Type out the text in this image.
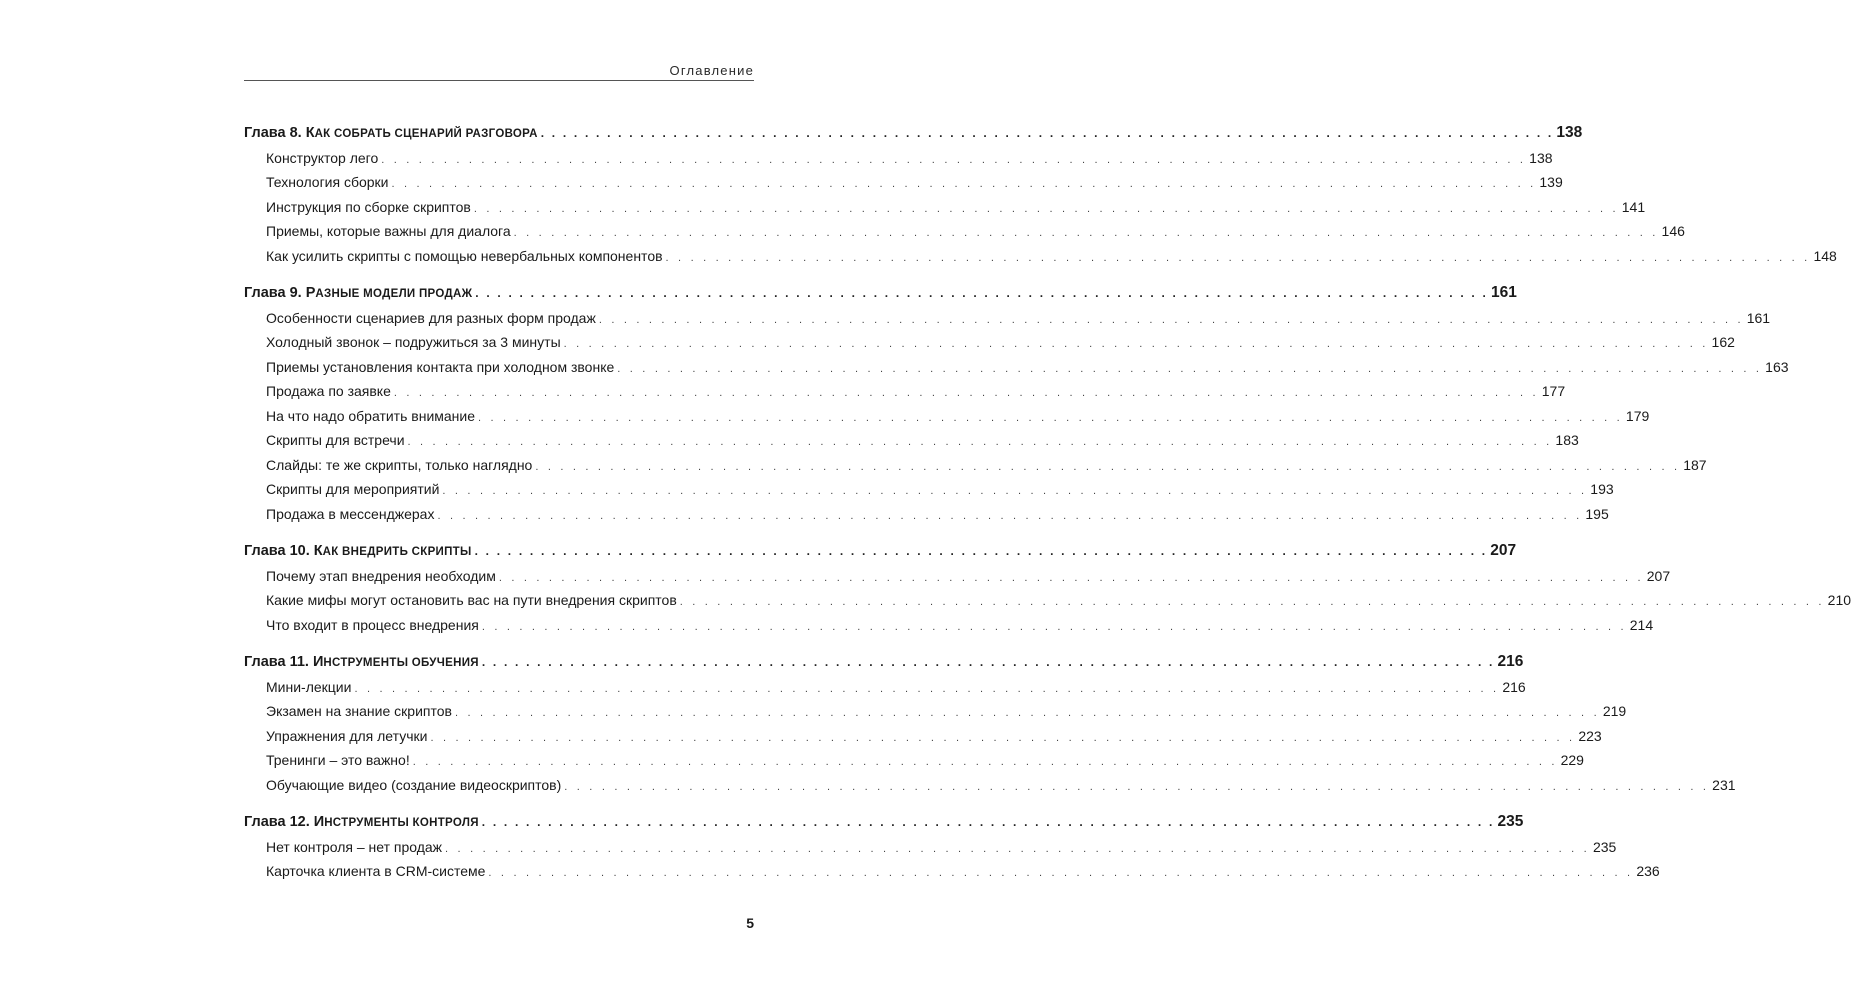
Оглавление
Глава 8. КАК СОБРАТЬ СЦЕНАРИЙ РАЗГОВОРА . . . . . . . . . . . . . . . . . . . . . . . . . . . . . . . . . . . . . . . . . . . . . . . . . . . . . . . . . . . . . . . . . . . . . . . . . . . . . . . . . . . . . . . . . . . . 138
Конструктор лего . . . . . . . . . . . . . . . . . . . . . . . . . . . . . . . . . . . . . . . . . . . . . . . . . . . . . . . . . . . . . . . . . . . . . . . . . . . . . . . . . . . . . . . . . . . . 138
Технология сборки . . . . . . . . . . . . . . . . . . . . . . . . . . . . . . . . . . . . . . . . . . . . . . . . . . . . . . . . . . . . . . . . . . . . . . . . . . . . . . . . . . . . . . . . . . . . 139
Инструкция по сборке скриптов . . . . . . . . . . . . . . . . . . . . . . . . . . . . . . . . . . . . . . . . . . . . . . . . . . . . . . . . . . . . . . . . . . . . . . . . . . . . . . . . . . . . . . . . . . . . 141
Приемы, которые важны для диалога . . . . . . . . . . . . . . . . . . . . . . . . . . . . . . . . . . . . . . . . . . . . . . . . . . . . . . . . . . . . . . . . . . . . . . . . . . . . . . . . . . . . . . . . . . . . 146
Как усилить скрипты с помощью невербальных компонентов . . . . . . . . . . . . . . . . . . . . . . . . . . . . . . . . . . . . . . . . . . . . . . . . . . . . . . . . . . . . . . . . . . . . . . . . . . . . . . . . . . . . . . . . . . . . 148
Глава 9. РАЗНЫЕ МОДЕЛИ ПРОДАЖ . . . . . . . . . . . . . . . . . . . . . . . . . . . . . . . . . . . . . . . . . . . . . . . . . . . . . . . . . . . . . . . . . . . . . . . . . . . . . . . . . . . . . . . . . . . . 161
Особенности сценариев для разных форм продаж . . . . . . . . . . . . . . . . . . . . . . . . . . . . . . . . . . . . . . . . . . . . . . . . . . . . . . . . . . . . . . . . . . . . . . . . . . . . . . . . . . . . . . . . . . . . 161
Холодный звонок – подружиться за 3 минуты . . . . . . . . . . . . . . . . . . . . . . . . . . . . . . . . . . . . . . . . . . . . . . . . . . . . . . . . . . . . . . . . . . . . . . . . . . . . . . . . . . . . . . . . . . . . 162
Приемы установления контакта при холодном звонке . . . . . . . . . . . . . . . . . . . . . . . . . . . . . . . . . . . . . . . . . . . . . . . . . . . . . . . . . . . . . . . . . . . . . . . . . . . . . . . . . . . . . . . . . . . . 163
Продажа по заявке . . . . . . . . . . . . . . . . . . . . . . . . . . . . . . . . . . . . . . . . . . . . . . . . . . . . . . . . . . . . . . . . . . . . . . . . . . . . . . . . . . . . . . . . . . . . 177
На что надо обратить внимание . . . . . . . . . . . . . . . . . . . . . . . . . . . . . . . . . . . . . . . . . . . . . . . . . . . . . . . . . . . . . . . . . . . . . . . . . . . . . . . . . . . . . . . . . . . . 179
Скрипты для встречи . . . . . . . . . . . . . . . . . . . . . . . . . . . . . . . . . . . . . . . . . . . . . . . . . . . . . . . . . . . . . . . . . . . . . . . . . . . . . . . . . . . . . . . . . . . . 183
Слайды: те же скрипты, только наглядно . . . . . . . . . . . . . . . . . . . . . . . . . . . . . . . . . . . . . . . . . . . . . . . . . . . . . . . . . . . . . . . . . . . . . . . . . . . . . . . . . . . . . . . . . . . . 187
Скрипты для мероприятий . . . . . . . . . . . . . . . . . . . . . . . . . . . . . . . . . . . . . . . . . . . . . . . . . . . . . . . . . . . . . . . . . . . . . . . . . . . . . . . . . . . . . . . . . . . . 193
Продажа в мессенджерах . . . . . . . . . . . . . . . . . . . . . . . . . . . . . . . . . . . . . . . . . . . . . . . . . . . . . . . . . . . . . . . . . . . . . . . . . . . . . . . . . . . . . . . . . . . . 195
Глава 10. КАК ВНЕДРИТЬ СКРИПТЫ . . . . . . . . . . . . . . . . . . . . . . . . . . . . . . . . . . . . . . . . . . . . . . . . . . . . . . . . . . . . . . . . . . . . . . . . . . . . . . . . . . . . . . . . . . . . 207
Почему этап внедрения необходим . . . . . . . . . . . . . . . . . . . . . . . . . . . . . . . . . . . . . . . . . . . . . . . . . . . . . . . . . . . . . . . . . . . . . . . . . . . . . . . . . . . . . . . . . . . . 207
Какие мифы могут остановить вас на пути внедрения скриптов . . . . . . . . . . . . . . . . . . . . . . . . . . . . . . . . . . . . . . . . . . . . . . . . . . . . . . . . . . . . . . . . . . . . . . . . . . . . . . . . . . . . . . . . . . . . 210
Что входит в процесс внедрения . . . . . . . . . . . . . . . . . . . . . . . . . . . . . . . . . . . . . . . . . . . . . . . . . . . . . . . . . . . . . . . . . . . . . . . . . . . . . . . . . . . . . . . . . . . . 214
Глава 11. ИНСТРУМЕНТЫ ОБУЧЕНИЯ . . . . . . . . . . . . . . . . . . . . . . . . . . . . . . . . . . . . . . . . . . . . . . . . . . . . . . . . . . . . . . . . . . . . . . . . . . . . . . . . . . . . . . . . . . . . 216
Мини-лекции . . . . . . . . . . . . . . . . . . . . . . . . . . . . . . . . . . . . . . . . . . . . . . . . . . . . . . . . . . . . . . . . . . . . . . . . . . . . . . . . . . . . . . . . . . . . 216
Экзамен на знание скриптов . . . . . . . . . . . . . . . . . . . . . . . . . . . . . . . . . . . . . . . . . . . . . . . . . . . . . . . . . . . . . . . . . . . . . . . . . . . . . . . . . . . . . . . . . . . . 219
Упражнения для летучки . . . . . . . . . . . . . . . . . . . . . . . . . . . . . . . . . . . . . . . . . . . . . . . . . . . . . . . . . . . . . . . . . . . . . . . . . . . . . . . . . . . . . . . . . . . . 223
Тренинги – это важно! . . . . . . . . . . . . . . . . . . . . . . . . . . . . . . . . . . . . . . . . . . . . . . . . . . . . . . . . . . . . . . . . . . . . . . . . . . . . . . . . . . . . . . . . . . . . 229
Обучающие видео (создание видеоскриптов) . . . . . . . . . . . . . . . . . . . . . . . . . . . . . . . . . . . . . . . . . . . . . . . . . . . . . . . . . . . . . . . . . . . . . . . . . . . . . . . . . . . . . . . . . . . . 231
Глава 12. ИНСТРУМЕНТЫ КОНТРОЛЯ . . . . . . . . . . . . . . . . . . . . . . . . . . . . . . . . . . . . . . . . . . . . . . . . . . . . . . . . . . . . . . . . . . . . . . . . . . . . . . . . . . . . . . . . . . . . 235
Нет контроля – нет продаж . . . . . . . . . . . . . . . . . . . . . . . . . . . . . . . . . . . . . . . . . . . . . . . . . . . . . . . . . . . . . . . . . . . . . . . . . . . . . . . . . . . . . . . . . . . . 235
Карточка клиента в CRM-системе . . . . . . . . . . . . . . . . . . . . . . . . . . . . . . . . . . . . . . . . . . . . . . . . . . . . . . . . . . . . . . . . . . . . . . . . . . . . . . . . . . . . . . . . . . . . 236
5
